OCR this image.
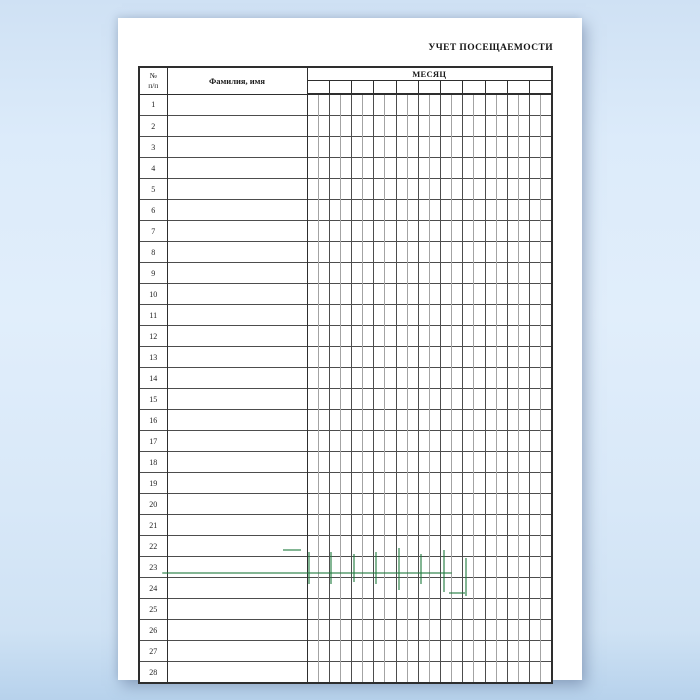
УЧЕТ ПОСЕЩАЕМОСТИ
№
п/п	Фамилия, имя	МЕСЯЦ																					

1																							
2																							
3																							
4																							
5																							
6																							
7																							
8																							
9																							
10																							
11																							
12																							
13																							
14																							
15																							
16																							
17																							
18																							
19																							
20																							
21																							
22																							
23																							
24																							
25																							
26																							
27																							
28																							
